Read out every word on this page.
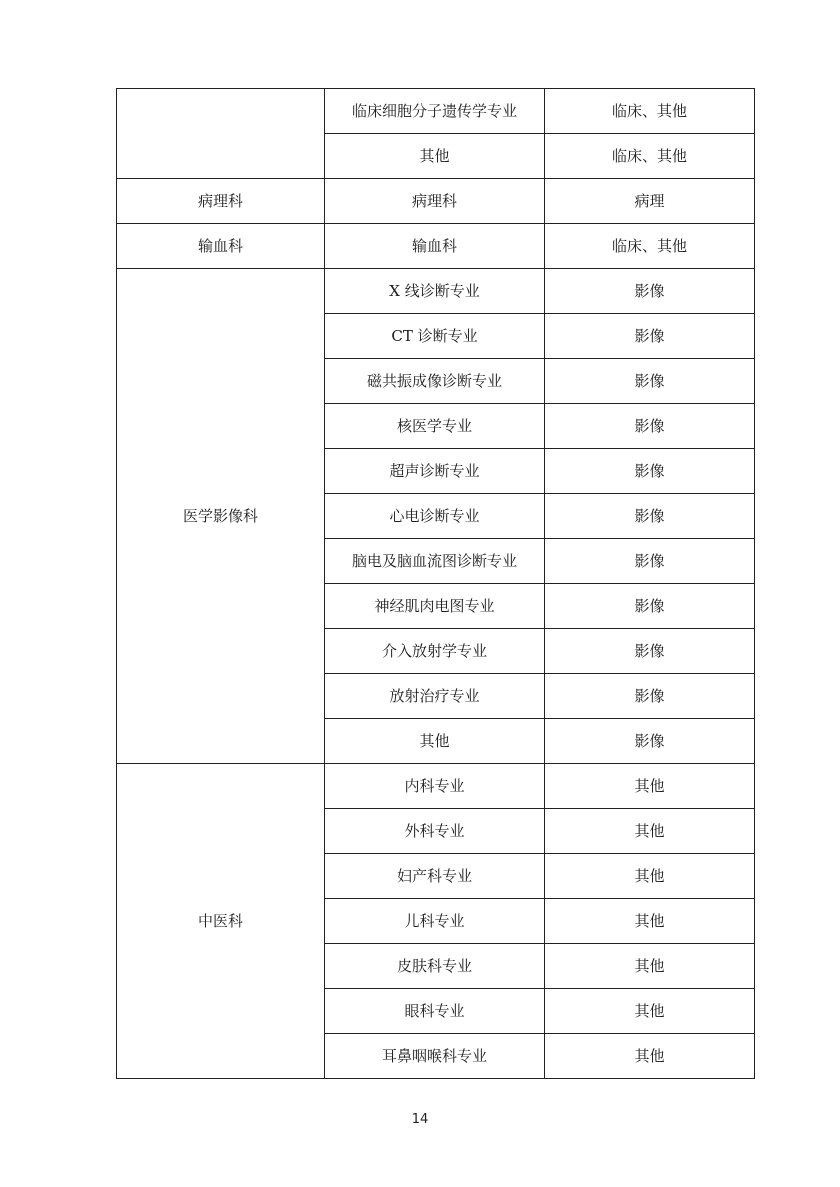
	临床细胞分子遗传学专业	临床、其他
	其他	临床、其他
病理科	病理科	病理
输血科	输血科	临床、其他
医学影像科	X 线诊断专业	影像
	CT 诊断专业	影像
	磁共振成像诊断专业	影像
	核医学专业	影像
	超声诊断专业	影像
	心电诊断专业	影像
	脑电及脑血流图诊断专业	影像
	神经肌肉电图专业	影像
	介入放射学专业	影像
	放射治疗专业	影像
	其他	影像
中医科	内科专业	其他
	外科专业	其他
	妇产科专业	其他
	儿科专业	其他
	皮肤科专业	其他
	眼科专业	其他
	耳鼻咽喉科专业	其他
14
